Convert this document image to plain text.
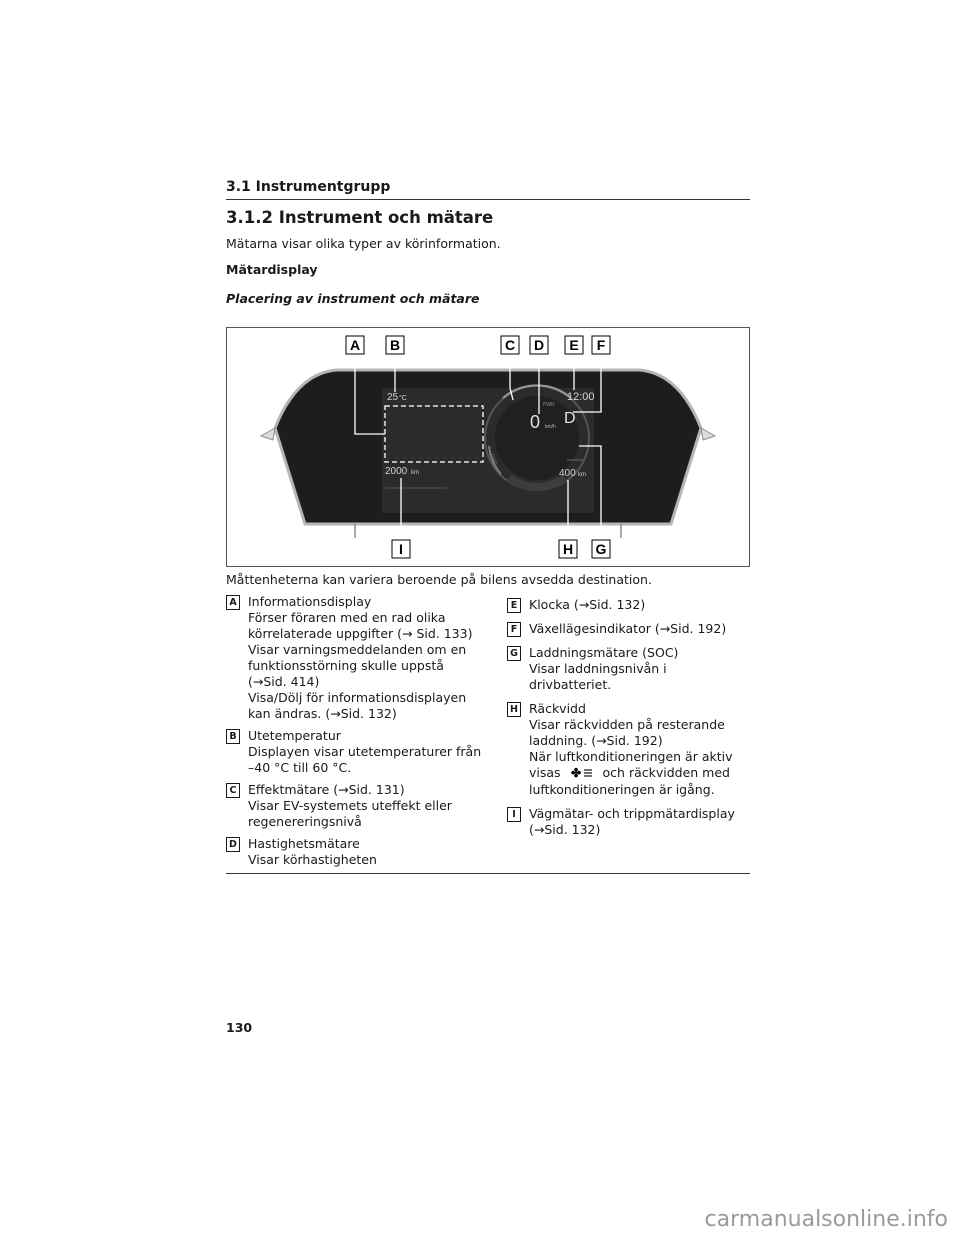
3.1 Instrumentgrupp
3.1.2 Instrument och mätare
Mätarna visar olika typer av körinformation.
Mätardisplay
Placering av instrument och mätare
25 °C	12:00
0 km/h D
PWR
CHG
2000 km	400 km
A B	C D E F
I	H G
Måttenheterna kan variera beroende på bilens avsedda destination.
A Informationsdisplay
Förser föraren med en rad olika
körrelaterade uppgifter (→ Sid. 133)
Visar varningsmeddelanden om en
funktionsstörning skulle uppstå
(→Sid. 414)
Visa/Dölj för informationsdisplayen
kan ändras. (→Sid. 132)
B Utetemperatur
Displayen visar utetemperaturer från
–40 °C till 60 °C.
C Effektmätare (→Sid. 131)
Visar EV-systemets uteffekt eller
regenereringsnivå
D Hastighetsmätare
Visar körhastigheten
E Klocka (→Sid. 132)
F Växellägesindikator (→Sid. 192)
G Laddningsmätare (SOC)
Visar laddningsnivån i drivbatteriet.
H Räckvidd
Visar räckvidden på resterande
laddning. (→Sid. 192)
När luftkonditioneringen är aktiv
visas ✤ och räckvidden med
luftkonditioneringen är igång.
I	Vägmätar- och trippmätardisplay
(→Sid. 132)
130
carmanualsonline.info
